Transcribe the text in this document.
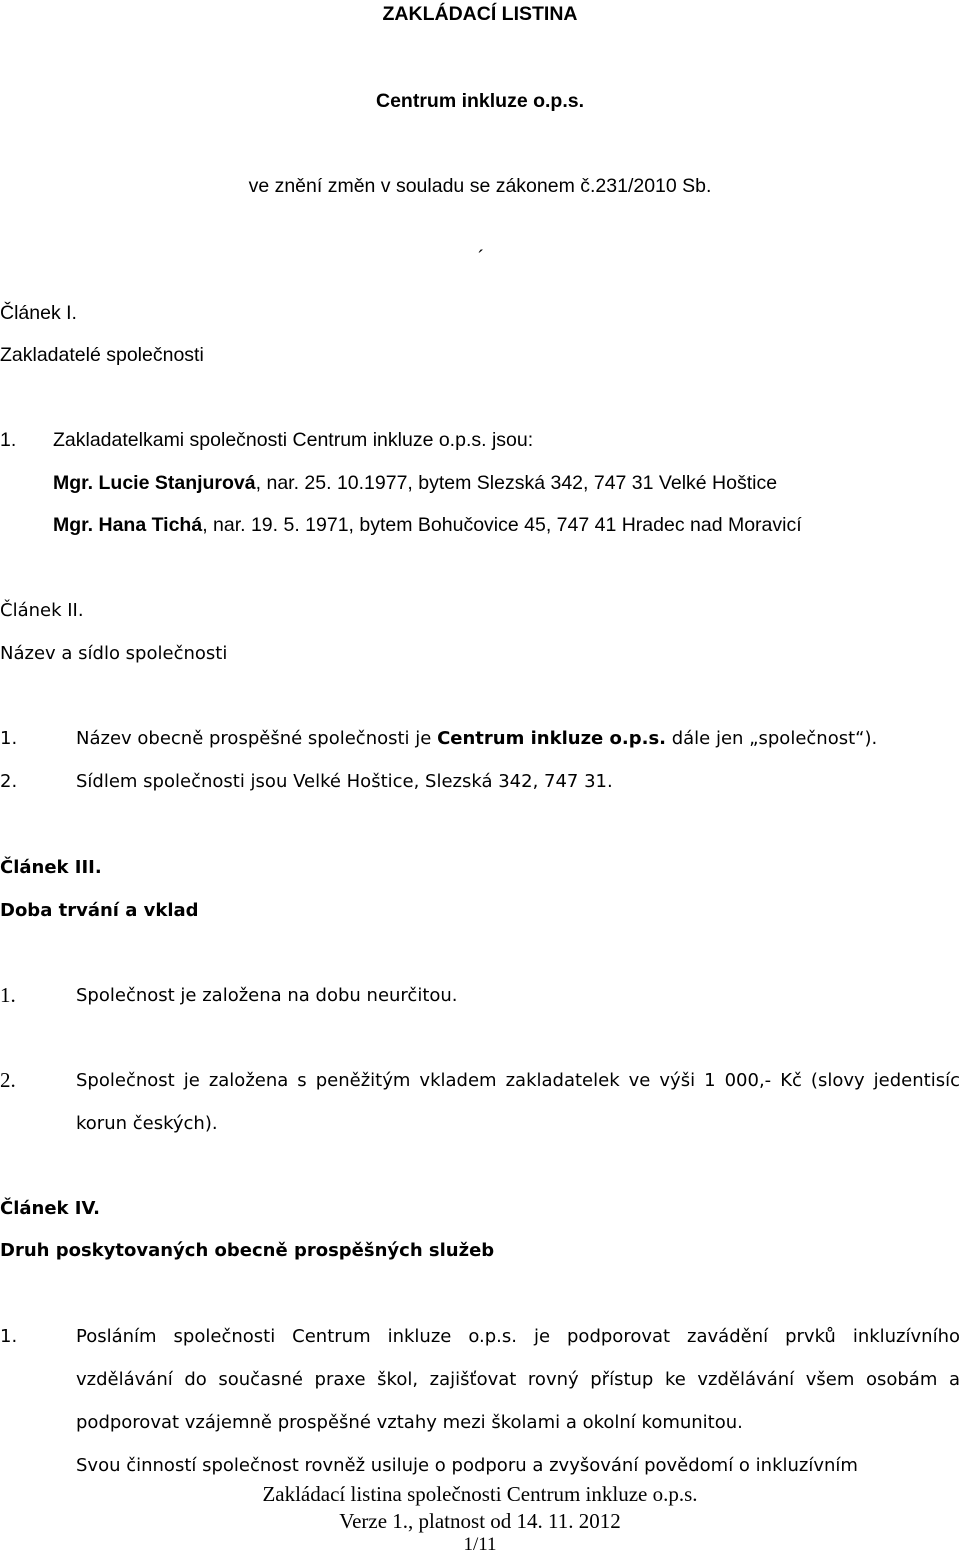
ZAKLÁDACÍ LISTINA
Centrum inkluze o.p.s.
ve znění změn v souladu se zákonem č.231/2010 Sb.
´
Článek I.
Zakladatelé společnosti
1. Zakladatelkami společnosti Centrum inkluze o.p.s. jsou:
Mgr. Lucie Stanjurová, nar. 25. 10.1977, bytem Slezská 342, 747 31 Velké Hoštice
Mgr. Hana Tichá, nar. 19. 5. 1971, bytem Bohučovice 45, 747 41 Hradec nad Moravicí
Článek II.
Název a sídlo společnosti
1.	Název obecně prospěšné společnosti je Centrum inkluze o.p.s. dále jen „společnost“).
2.	Sídlem společnosti jsou Velké Hoštice, Slezská 342, 747 31.
Článek III.
Doba trvání a vklad
1.	Společnost je založena na dobu neurčitou.
2.	Společnost je založena s peněžitým vkladem zakladatelek ve výši 1 000,- Kč (slovy jedentisíc
korun českých).
Článek IV.
Druh poskytovaných obecně prospěšných služeb
1.	Posláním společnosti Centrum inkluze o.p.s. je podporovat zavádění prvků inkluzívního
vzdělávání do současné praxe škol, zajišťovat rovný přístup ke vzdělávání všem osobám a
podporovat vzájemně prospěšné vztahy mezi školami a okolní komunitou.
Svou činností společnost rovněž usiluje o podporu a zvyšování povědomí o inkluzívním
Zakládací listina společnosti Centrum inkluze o.p.s.
Verze 1., platnost od 14. 11. 2012
1/11
